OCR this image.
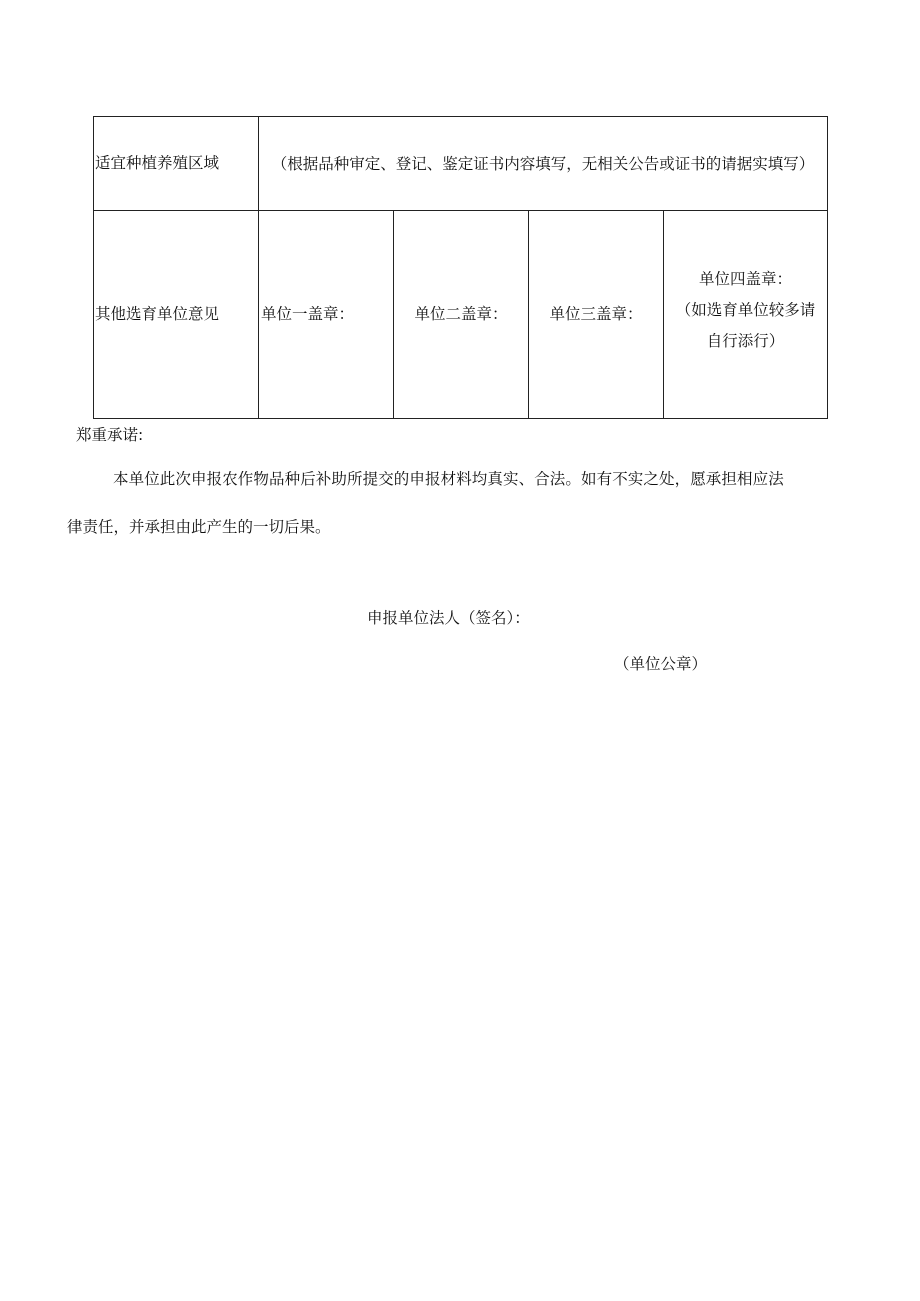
适宜种植养殖区域	（根据品种审定、登记、鉴定证书内容填写，无相关公告或证书的请据实填写）			
其他选育单位意见	单位一盖章：	单位二盖章：	单位三盖章：	单位四盖章：
（如选育单位较多请
自行添行）
郑重承诺:
本单位此次申报农作物品种后补助所提交的申报材料均真实、合法。如有不实之处，愿承担相应法
律责任，并承担由此产生的一切后果。
申报单位法人（签名）：
（单位公章）
